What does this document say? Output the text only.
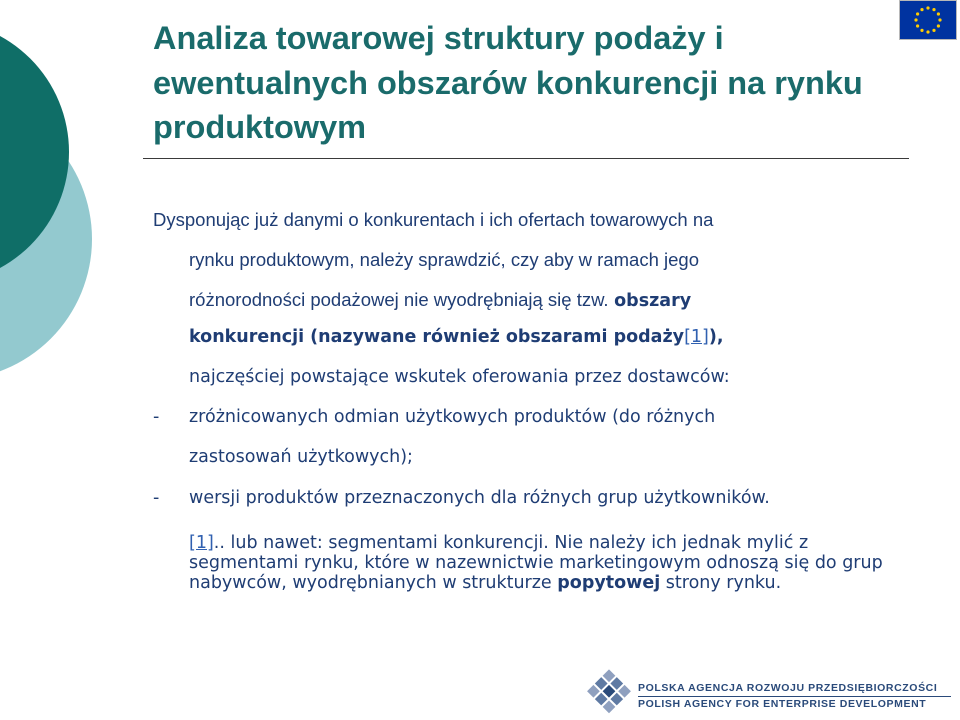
Analiza towarowej struktury podaży i ewentualnych obszarów konkurencji na rynku produktowym
Dysponując już danymi o konkurentach i ich ofertach towarowych na
rynku produktowym, należy sprawdzić, czy aby w ramach jego
różnorodności podażowej nie wyodrębniają się tzw. obszary
konkurencji (nazywane również obszarami podaży[1]),
najczęściej powstające wskutek oferowania przez dostawców:
- zróżnicowanych odmian użytkowych produktów (do różnych
zastosowań użytkowych);
- wersji produktów przeznaczonych dla różnych grup użytkowników.

[1].. lub nawet: segmentami konkurencji. Nie należy ich jednak mylić z segmentami rynku, które w nazewnictwie marketingowym odnoszą się do grup nabywców, wyodrębnianych w strukturze popytowej strony rynku.

POLSKA AGENCJA ROZWOJU PRZEDSIĘBIORCZOŚCI
POLISH AGENCY FOR ENTERPRISE DEVELOPMENT
